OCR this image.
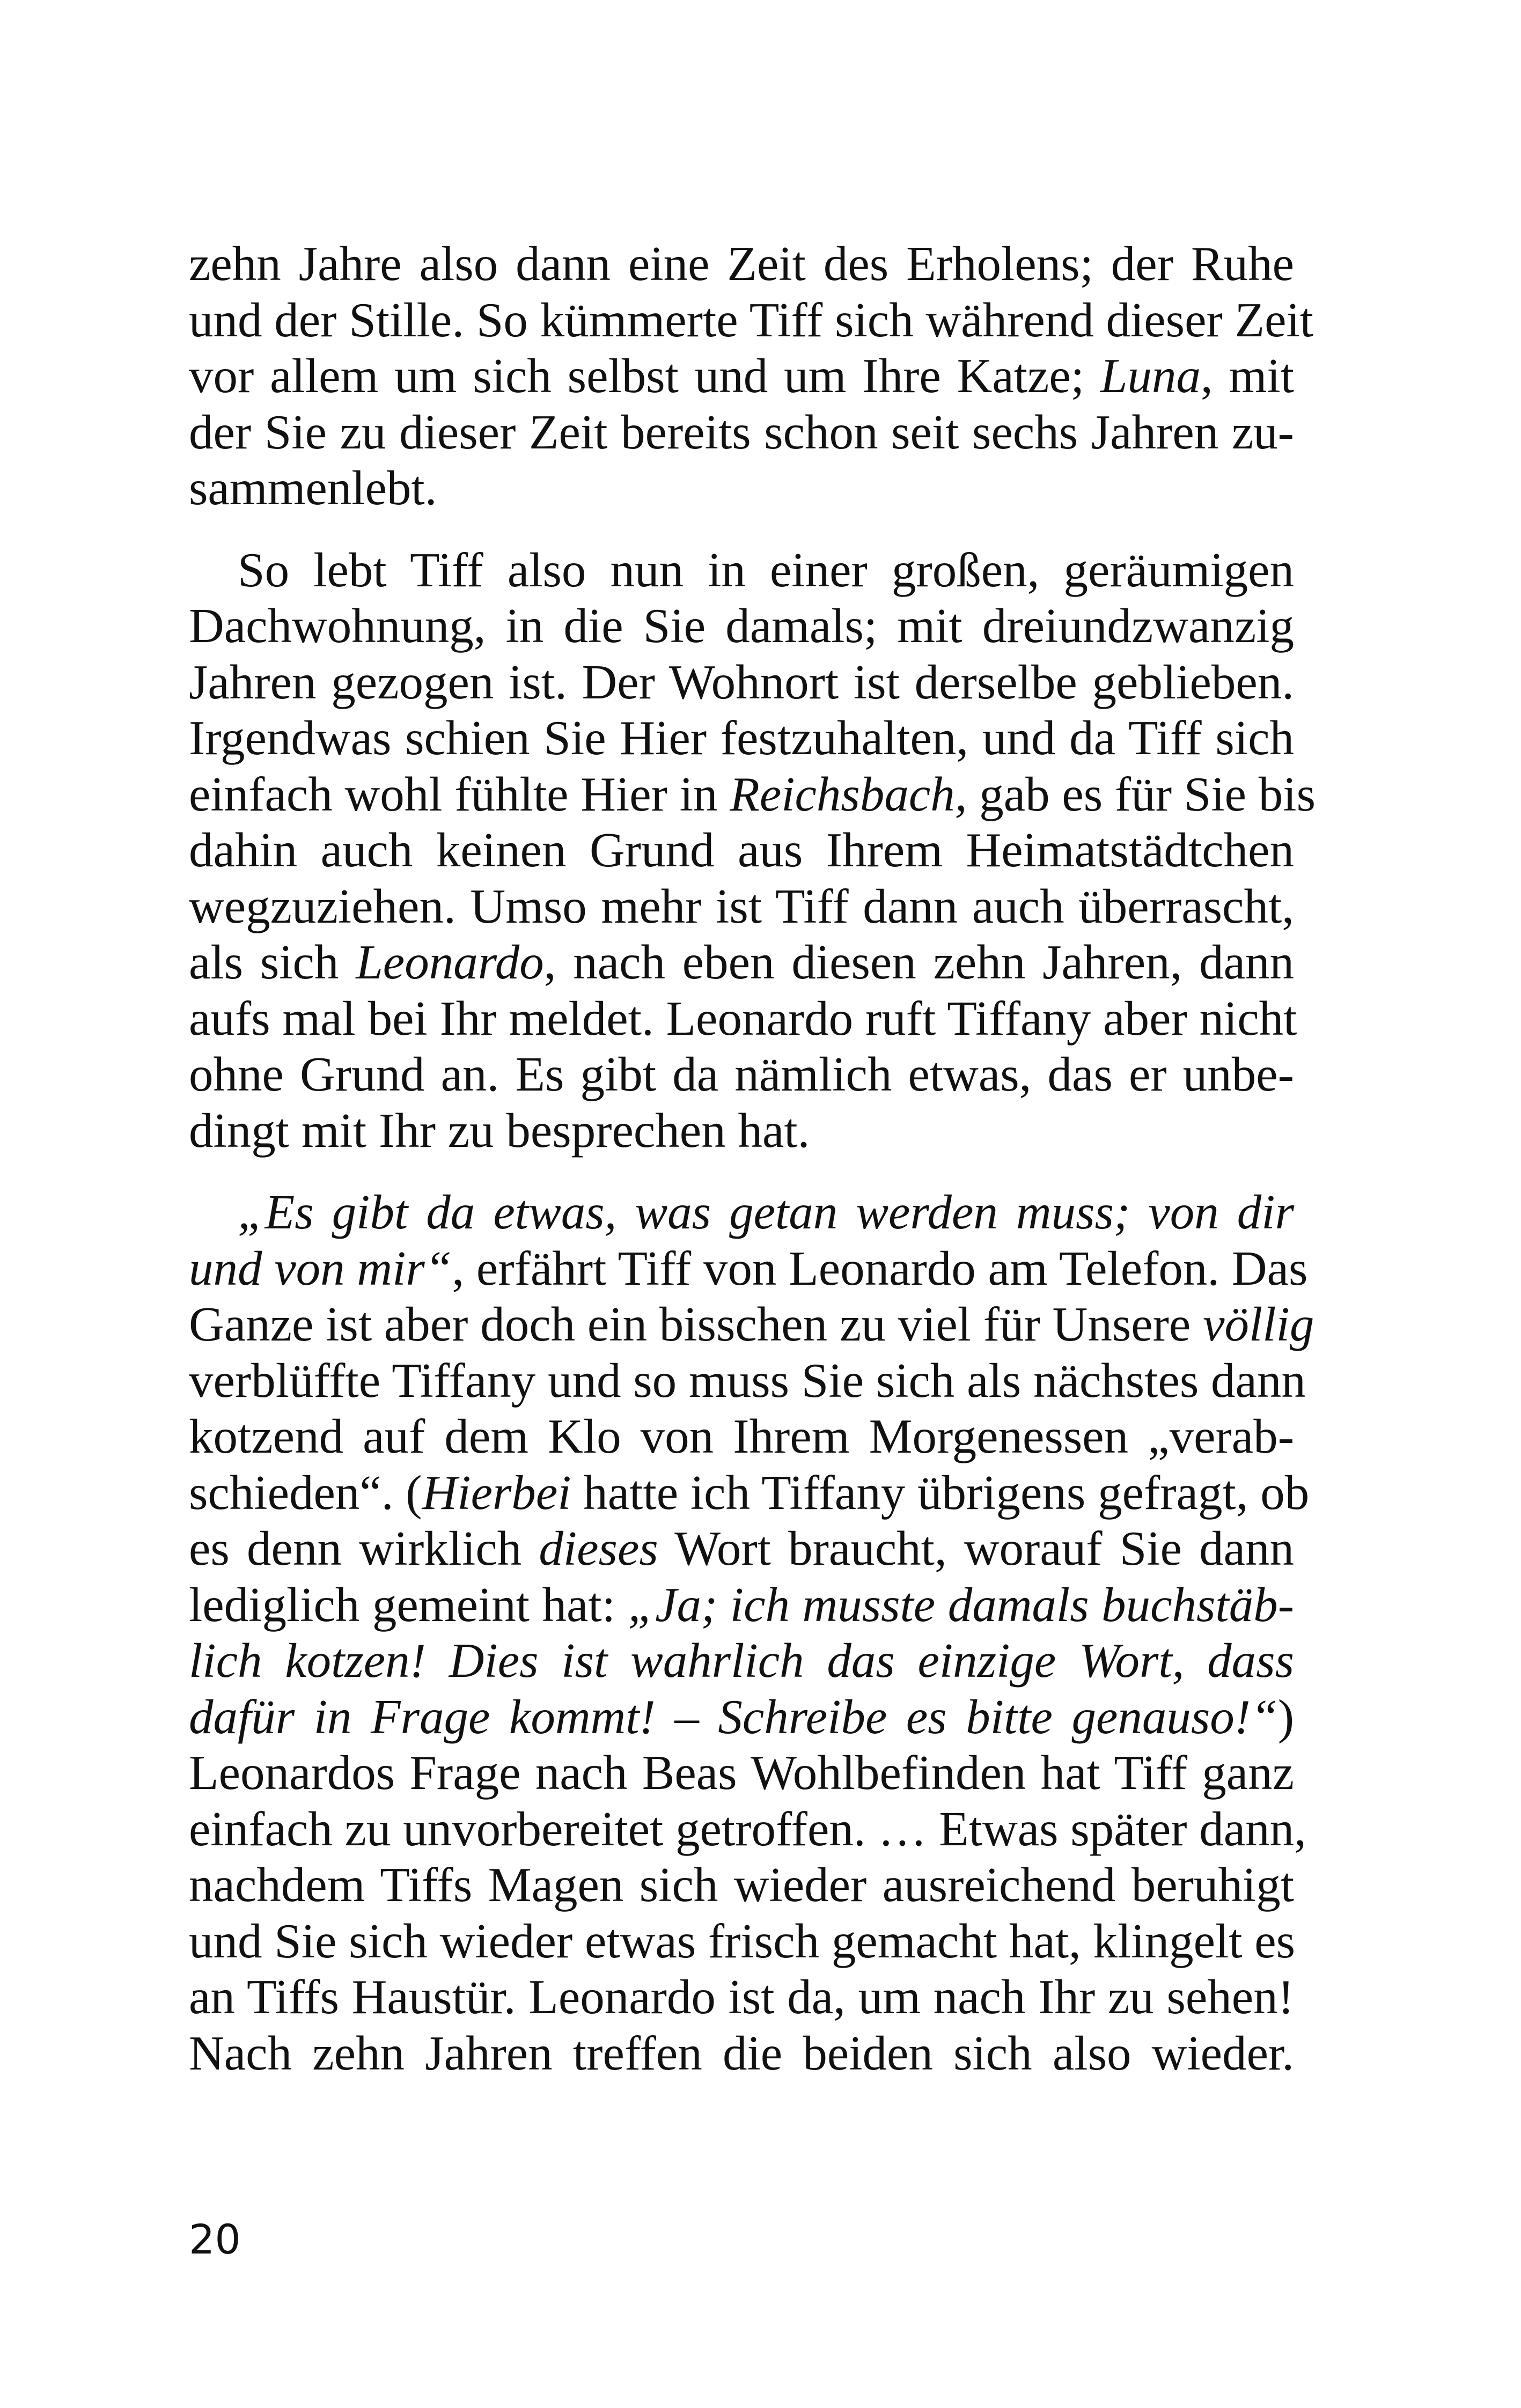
zehn Jahre also dann eine Zeit des Erholens; der Ruhe
und der Stille. So kümmerte Tiff sich während dieser Zeit
vor allem um sich selbst und um Ihre Katze; Luna, mit
der Sie zu dieser Zeit bereits schon seit sechs Jahren zu-
sammenlebt.
 So lebt Tiff also nun in einer großen, geräumigen
Dachwohnung, in die Sie damals; mit dreiundzwanzig
Jahren gezogen ist. Der Wohnort ist derselbe geblieben.
Irgendwas schien Sie Hier festzuhalten, und da Tiff sich
einfach wohl fühlte Hier in Reichsbach, gab es für Sie bis
dahin auch keinen Grund aus Ihrem Heimatstädtchen
wegzuziehen. Umso mehr ist Tiff dann auch überrascht,
als sich Leonardo, nach eben diesen zehn Jahren, dann
aufs mal bei Ihr meldet. Leonardo ruft Tiffany aber nicht
ohne Grund an. Es gibt da nämlich etwas, das er unbe-
dingt mit Ihr zu besprechen hat.
 „Es gibt da etwas, was getan werden muss; von dir
und von mir“, erfährt Tiff von Leonardo am Telefon. Das
Ganze ist aber doch ein bisschen zu viel für Unsere völlig
verblüffte Tiffany und so muss Sie sich als nächstes dann
kotzend auf dem Klo von Ihrem Morgenessen „verab-
schieden“. (Hierbei hatte ich Tiffany übrigens gefragt, ob
es denn wirklich dieses Wort braucht, worauf Sie dann
lediglich gemeint hat: „Ja; ich musste damals buchstäb-
lich kotzen! Dies ist wahrlich das einzige Wort, dass
dafür in Frage kommt! – Schreibe es bitte genauso!“)
Leonardos Frage nach Beas Wohlbefinden hat Tiff ganz
einfach zu unvorbereitet getroffen. … Etwas später dann,
nachdem Tiffs Magen sich wieder ausreichend beruhigt
und Sie sich wieder etwas frisch gemacht hat, klingelt es
an Tiffs Haustür. Leonardo ist da, um nach Ihr zu sehen!
Nach zehn Jahren treffen die beiden sich also wieder.
20
